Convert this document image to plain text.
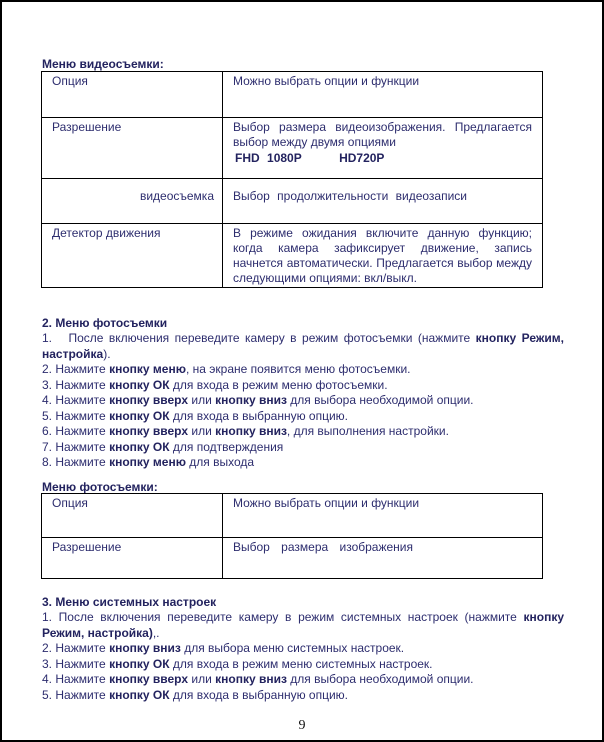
Меню видеосъемки:
Опция	Можно выбрать опции и функции
Разрешение	Выбор размера видеоизображения. Предлагается выбор между двумя опциями
FHD 1080P HD720P

видеосъемка	Выбор продолжительности видеозаписи
Детектор движения	В режиме ожидания включите данную функцию; когда камера зафиксирует движение, запись начнется автоматически. Предлагается выбор между следующими опциями: вкл/выкл.
2. Меню фотосъемки

1. После включения переведите камеру в режим фотосъемки (нажмите кнопку Режим, настройка).

2. Нажмите кнопку меню, на экране появится меню фотосъемки.

3. Нажмите кнопку ОК для входа в режим меню фотосъемки.

4. Нажмите кнопку вверх или кнопку вниз для выбора необходимой опции.

5. Нажмите кнопку ОК для входа в выбранную опцию.

6. Нажмите кнопку вверх или кнопку вниз, для выполнения настройки.

7. Нажмите кнопку ОК для подтверждения

8. Нажмите кнопку меню для выхода

Меню фотосъемки:
Опция	Можно выбрать опции и функции
Разрешение	Выбор размера изображения
3. Меню системных настроек

1. После включения переведите камеру в режим системных настроек (нажмите кнопку Режим, настройка),.

2. Нажмите кнопку вниз для выбора меню системных настроек.

3. Нажмите кнопку ОК для входа в режим меню системных настроек.

4. Нажмите кнопку вверх или кнопку вниз для выбора необходимой опции.

5. Нажмите кнопку ОК для входа в выбранную опцию.

9
